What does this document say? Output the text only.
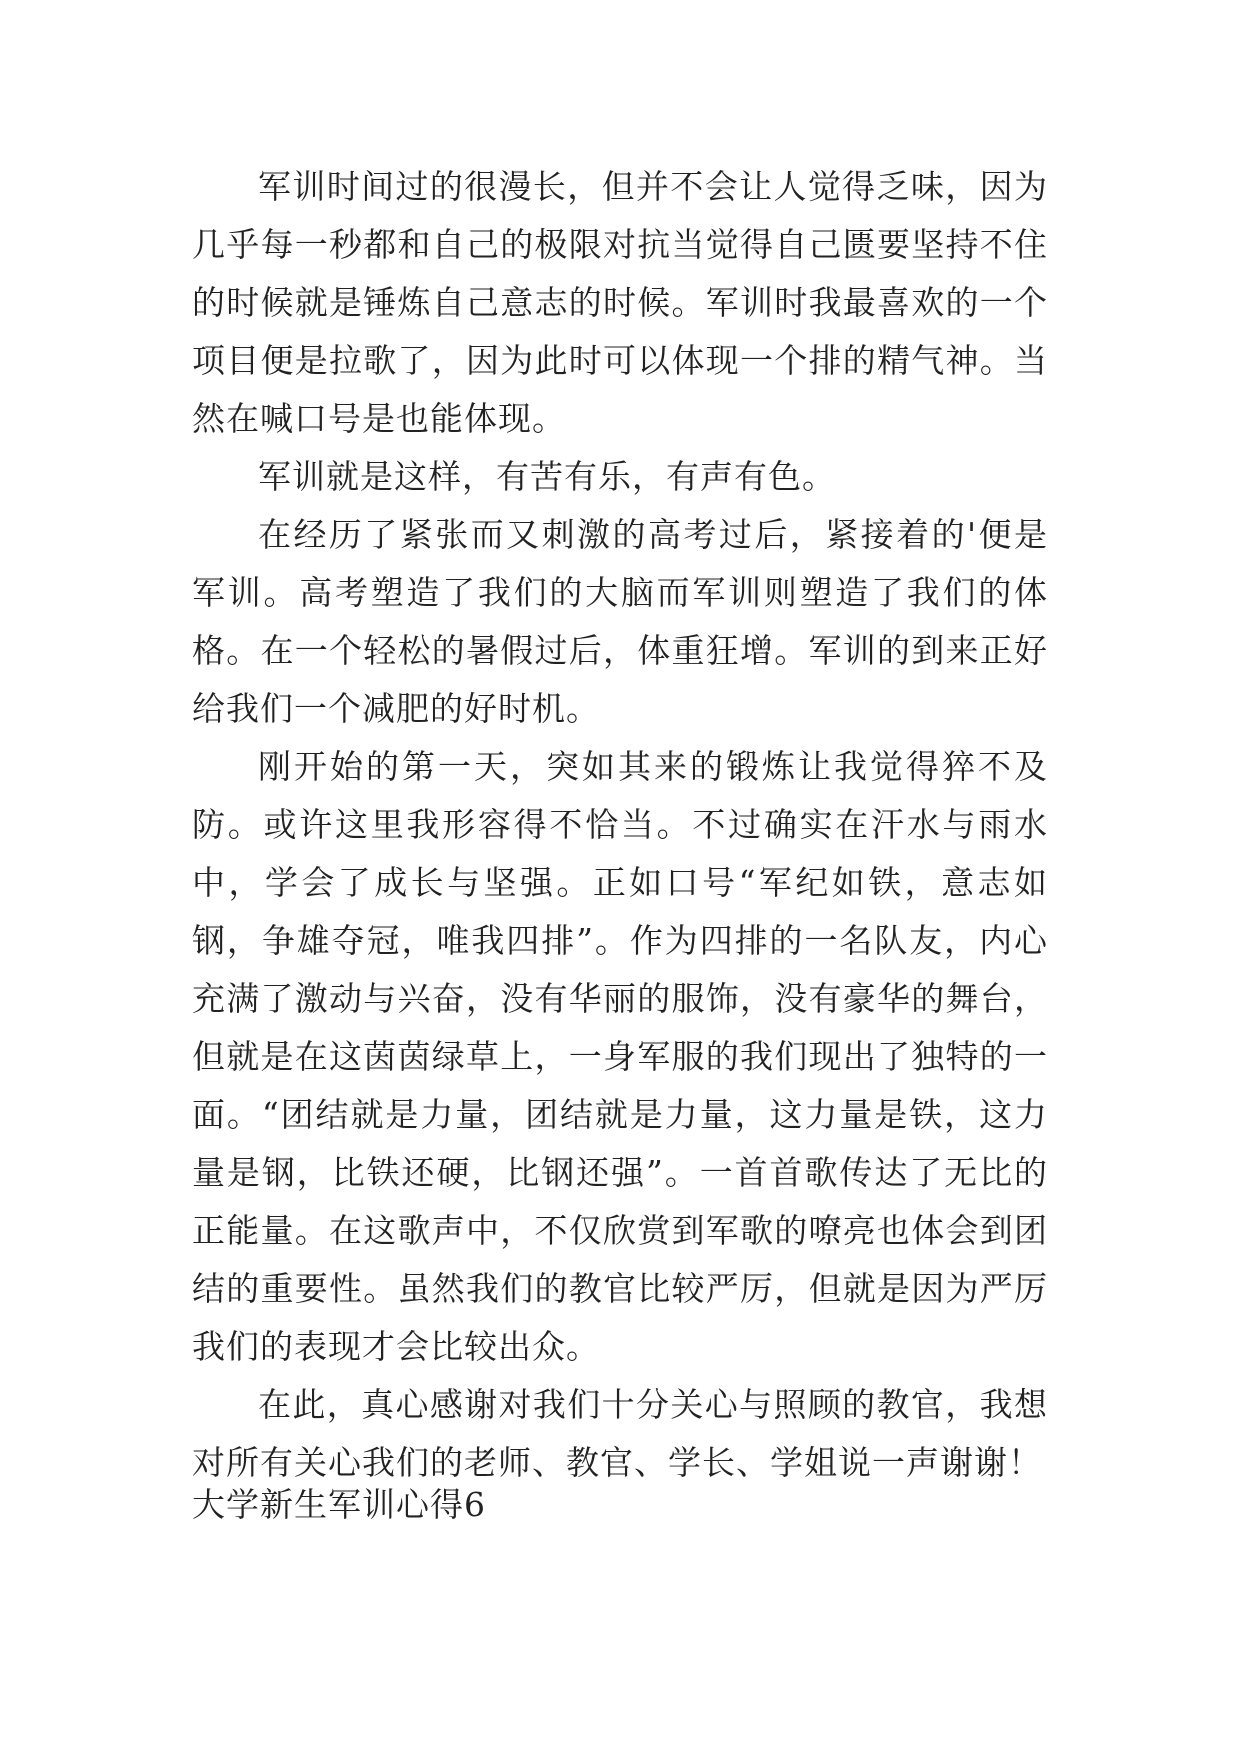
军训时间过的很漫长，但并不会让人觉得乏味，因为几乎每一秒都和自己的极限对抗当觉得自己匮要坚持不住的时候就是锤炼自己意志的时候。军训时我最喜欢的一个项目便是拉歌了，因为此时可以体现一个排的精气神。当然在喊口号是也能体现。

军训就是这样，有苦有乐，有声有色。

在经历了紧张而又刺激的高考过后，紧接着的'便是军训。高考塑造了我们的大脑而军训则塑造了我们的体格。在一个轻松的暑假过后，体重狂增。军训的到来正好给我们一个减肥的好时机。

刚开始的第一天，突如其来的锻炼让我觉得猝不及防。或许这里我形容得不恰当。不过确实在汗水与雨水中，学会了成长与坚强。正如口号“军纪如铁，意志如钢，争雄夺冠，唯我四排”。作为四排的一名队友，内心充满了激动与兴奋，没有华丽的服饰，没有豪华的舞台，但就是在这茵茵绿草上，一身军服的我们现出了独特的一面。“团结就是力量，团结就是力量，这力量是铁，这力量是钢，比铁还硬，比钢还强”。一首首歌传达了无比的正能量。在这歌声中，不仅欣赏到军歌的嘹亮也体会到团结的重要性。虽然我们的教官比较严厉，但就是因为严厉我们的表现才会比较出众。

在此，真心感谢对我们十分关心与照顾的教官，我想对所有关心我们的老师、教官、学长、学姐说一声谢谢！

大学新生军训心得6
